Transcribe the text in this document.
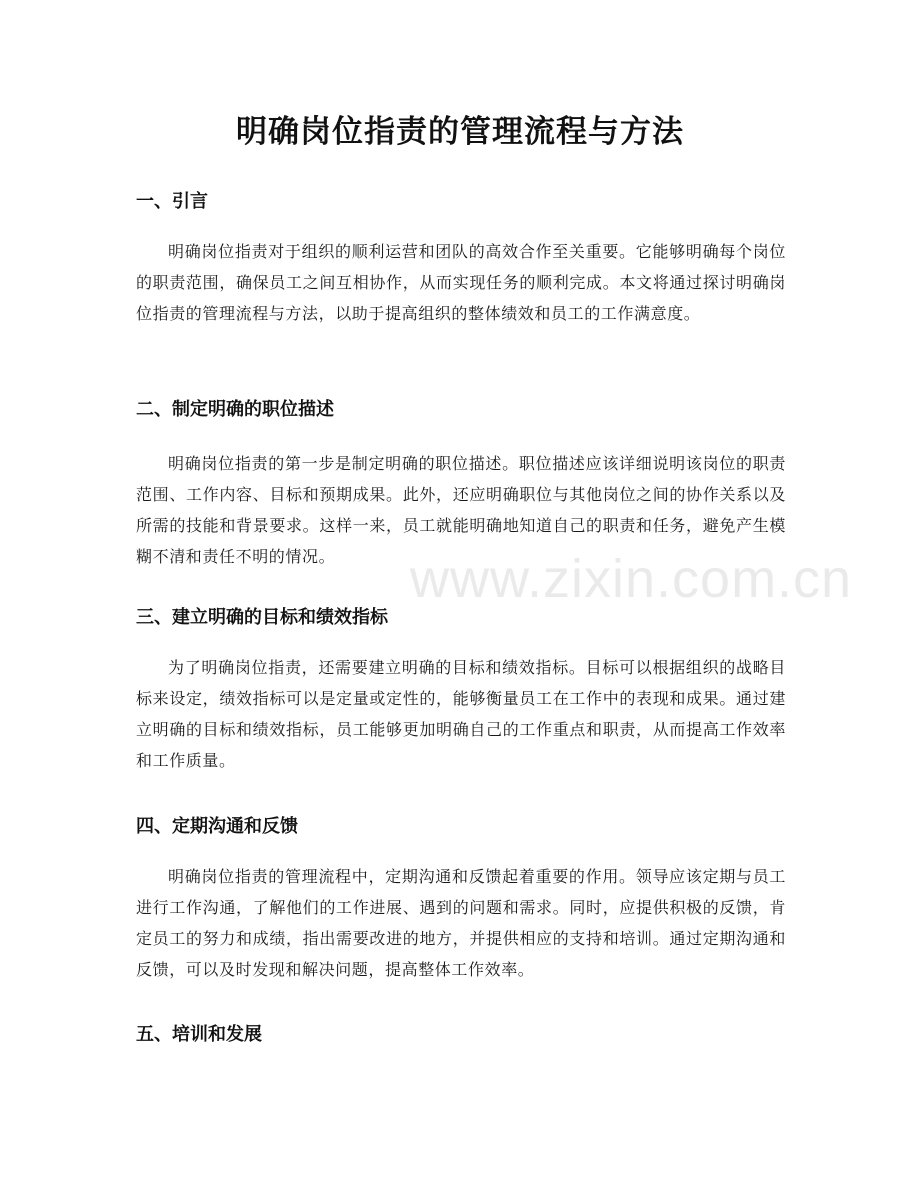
明确岗位指责的管理流程与方法
一、引言
明确岗位指责对于组织的顺利运营和团队的高效合作至关重要。它能够明确每个岗位的职责范围，确保员工之间互相协作，从而实现任务的顺利完成。本文将通过探讨明确岗位指责的管理流程与方法，以助于提高组织的整体绩效和员工的工作满意度。
二、制定明确的职位描述
明确岗位指责的第一步是制定明确的职位描述。职位描述应该详细说明该岗位的职责范围、工作内容、目标和预期成果。此外，还应明确职位与其他岗位之间的协作关系以及所需的技能和背景要求。这样一来，员工就能明确地知道自己的职责和任务，避免产生模糊不清和责任不明的情况。
三、建立明确的目标和绩效指标
为了明确岗位指责，还需要建立明确的目标和绩效指标。目标可以根据组织的战略目标来设定，绩效指标可以是定量或定性的，能够衡量员工在工作中的表现和成果。通过建立明确的目标和绩效指标，员工能够更加明确自己的工作重点和职责，从而提高工作效率和工作质量。
四、定期沟通和反馈
明确岗位指责的管理流程中，定期沟通和反馈起着重要的作用。领导应该定期与员工进行工作沟通，了解他们的工作进展、遇到的问题和需求。同时，应提供积极的反馈，肯定员工的努力和成绩，指出需要改进的地方，并提供相应的支持和培训。通过定期沟通和反馈，可以及时发现和解决问题，提高整体工作效率。
五、培训和发展
www.zixin.com.cn
